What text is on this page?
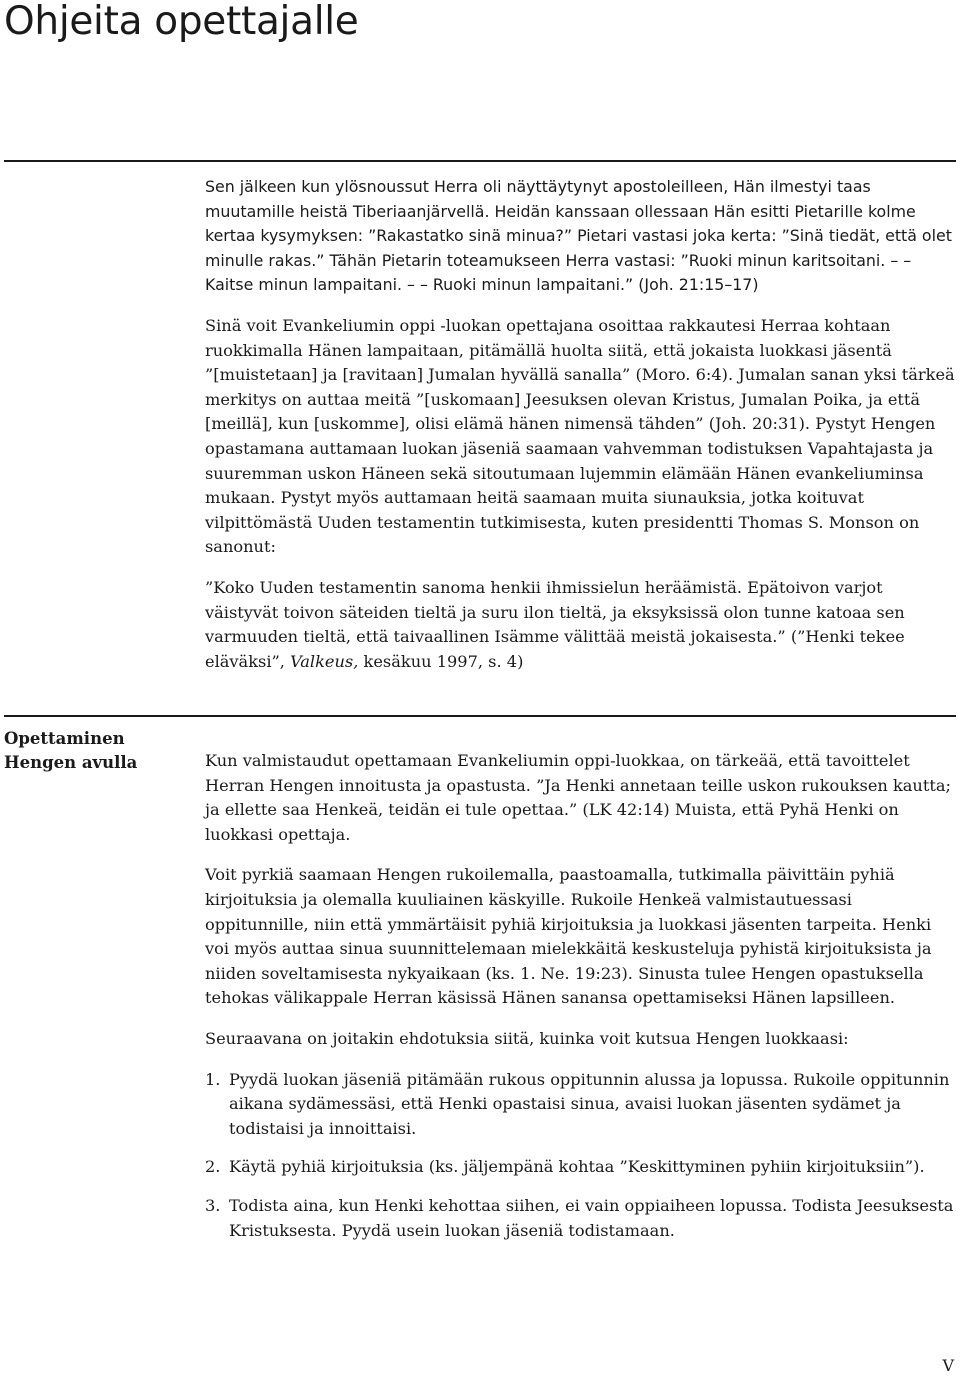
Ohjeita opettajalle

Sen jälkeen kun ylösnoussut Herra oli näyttäytynyt apostoleilleen, Hän ilmestyi taas muutamille heistä Tiberiaanjärvellä. Heidän kanssaan ollessaan Hän esitti Pietarille kolme kertaa kysymyksen: ”Rakastatko sinä minua?” Pietari vastasi joka kerta: ”Sinä tiedät, että olet minulle rakas.” Tähän Pietarin toteamukseen Herra vastasi: ”Ruoki minun karitsoitani. – – Kaitse minun lampaitani. – – Ruoki minun lampaitani.” (Joh. 21:15–17)

Sinä voit Evankeliumin oppi -luokan opettajana osoittaa rakkautesi Herraa kohtaan ruokkimalla Hänen lampaitaan, pitämällä huolta siitä, että jokaista luokkasi jäsentä ”[muistetaan] ja [ravitaan] Jumalan hyvällä sanalla” (Moro. 6:4). Jumalan sanan yksi tärkeä merkitys on auttaa meitä ”[uskomaan] Jeesuksen olevan Kristus, Jumalan Poika, ja että [meillä], kun [uskomme], olisi elämä hänen nimensä tähden” (Joh. 20:31). Pystyt Hengen opastamana auttamaan luokan jäseniä saamaan vahvemman todistuksen Vapahtajasta ja suuremman uskon Häneen sekä sitoutumaan lujemmin elämään Hänen evankeliuminsa mukaan. Pystyt myös auttamaan heitä saamaan muita siunauksia, jotka koituvat vilpittömästä Uuden testamentin tutkimisesta, kuten presidentti Thomas S. Monson on sanonut:

”Koko Uuden testamentin sanoma henkii ihmissielun heräämistä. Epätoivon varjot väistyvät toivon säteiden tieltä ja suru ilon tieltä, ja eksyksissä olon tunne katoaa sen varmuuden tieltä, että taivaallinen Isämme välittää meistä jokaisesta.” (”Henki tekee eläväksi”, Valkeus, kesäkuu 1997, s. 4)

Opettaminen Hengen avulla	Kun valmistaudut opettamaan Evankeliumin oppi-luokkaa, on tärkeää, että tavoittelet Herran Hengen innoitusta ja opastusta. ”Ja Henki annetaan teille uskon rukouksen kautta; ja ellette saa Henkeä, teidän ei tule opettaa.” (LK 42:14) Muista, että Pyhä Henki on luokkasi opettaja.

Voit pyrkiä saamaan Hengen rukoilemalla, paastoamalla, tutkimalla päivittäin pyhiä kirjoituksia ja olemalla kuuliainen käskyille. Rukoile Henkeä valmistautuessasi oppitunnille, niin että ymmärtäisit pyhiä kirjoituksia ja luokkasi jäsenten tarpeita. Henki voi myös auttaa sinua suunnittelemaan mielekkäitä keskusteluja pyhistä kirjoituksista ja niiden soveltamisesta nykyaikaan (ks. 1. Ne. 19:23). Sinusta tulee Hengen opastuksella tehokas välikappale Herran käsissä Hänen sanansa opettamiseksi Hänen lapsilleen.

Seuraavana on joitakin ehdotuksia siitä, kuinka voit kutsua Hengen luokkaasi:

1. Pyydä luokan jäseniä pitämään rukous oppitunnin alussa ja lopussa. Rukoile oppitunnin aikana sydämessäsi, että Henki opastaisi sinua, avaisi luokan jäsenten sydämet ja todistaisi ja innoittaisi.
2. Käytä pyhiä kirjoituksia (ks. jäljempänä kohtaa ”Keskittyminen pyhiin kirjoituksiin”).
3. Todista aina, kun Henki kehottaa siihen, ei vain oppiaiheen lopussa. Todista Jeesuksesta Kristuksesta. Pyydä usein luokan jäseniä todistamaan.
V
